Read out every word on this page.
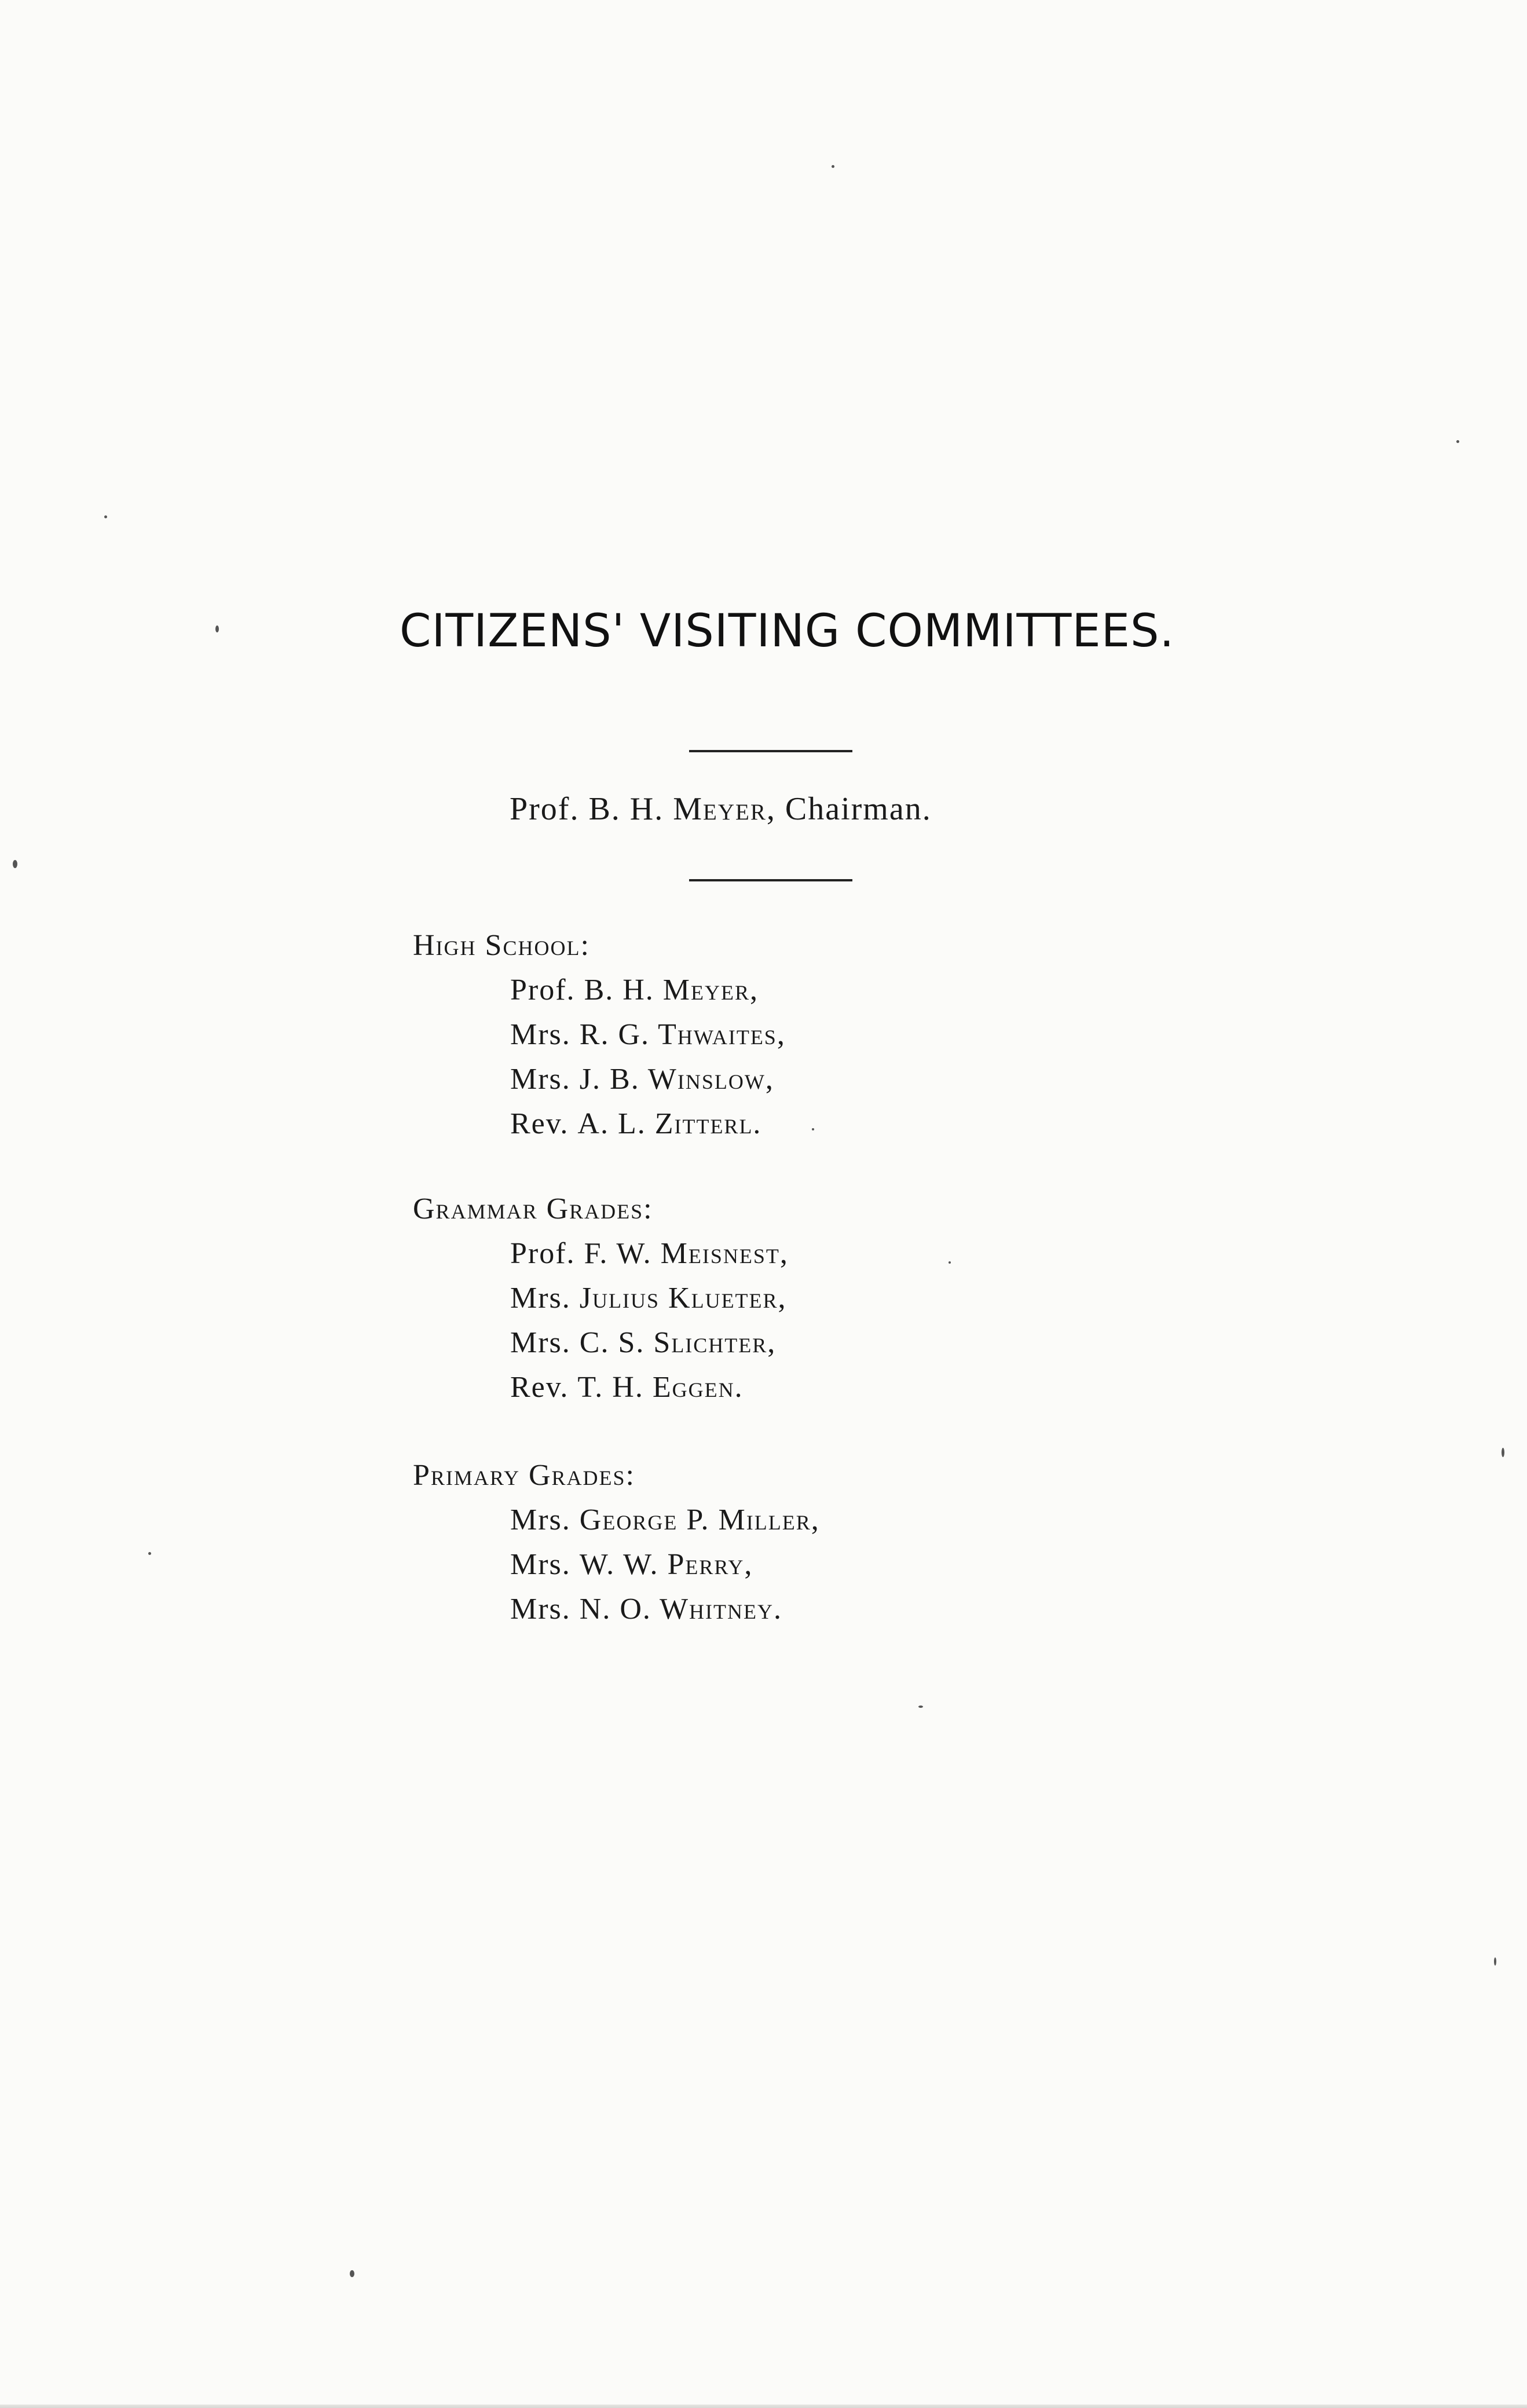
CITIZENS' VISITING COMMITTEES.
Prof. B. H. Meyer, Chairman.
High School:
Prof. B. H. Meyer,
Mrs. R. G. Thwaites,
Mrs. J. B. Winslow,
Rev. A. L. Zitterl.
Grammar Grades:
Prof. F. W. Meisnest,
Mrs. Julius Klueter,
Mrs. C. S. Slichter,
Rev. T. H. Eggen.
Primary Grades:
Mrs. George P. Miller,
Mrs. W. W. Perry,
Mrs. N. O. Whitney.
